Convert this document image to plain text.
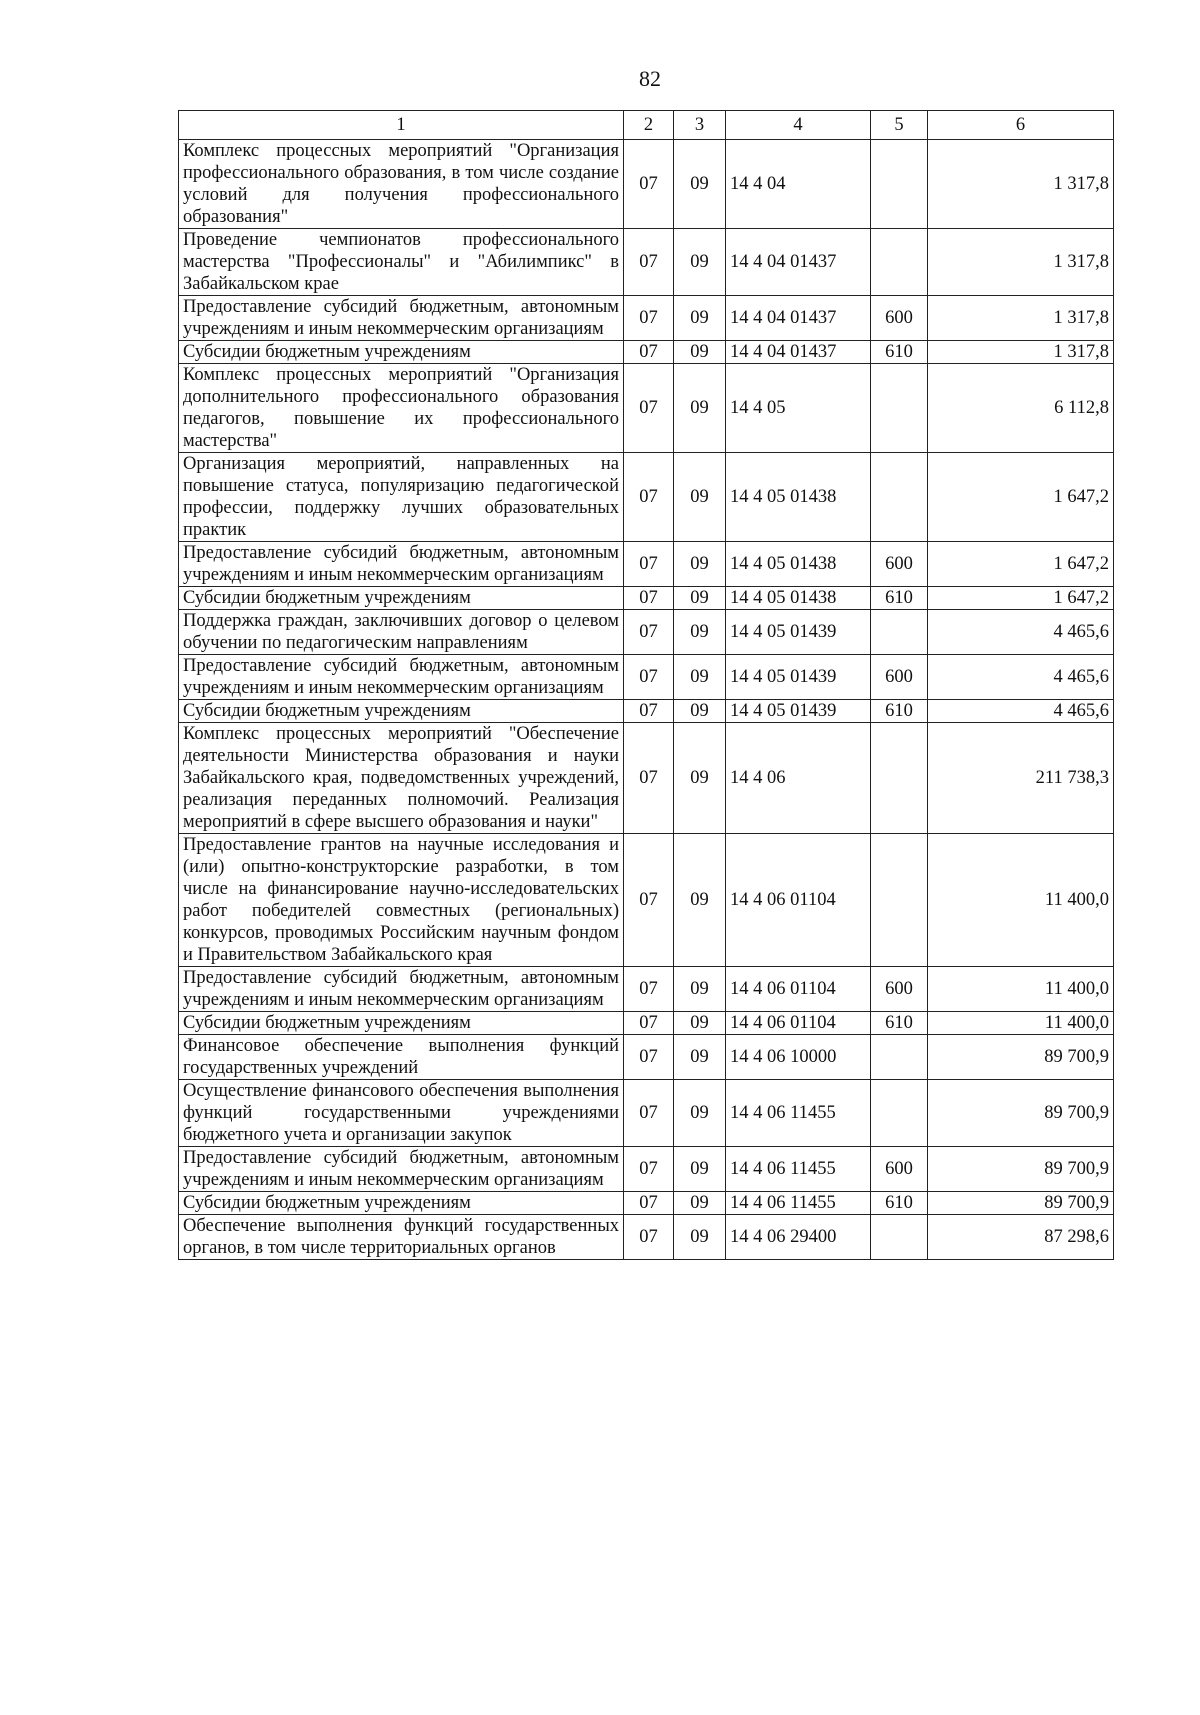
82
1	2	3	4	5	6
Комплекс процессных мероприятий "Организация профессионального образования, в том числе создание условий для получения профессионального образования"	07	09	14 4 04		1 317,8
Проведение чемпионатов профессионального мастерства "Профессионалы" и "Абилимпикс" в Забайкальском крае	07	09	14 4 04 01437		1 317,8
Предоставление субсидий бюджетным, автономным учреждениям и иным некоммерческим организациям	07	09	14 4 04 01437	600	1 317,8
Субсидии бюджетным учреждениям	07	09	14 4 04 01437	610	1 317,8
Комплекс процессных мероприятий "Организация дополнительного профессионального образования педагогов, повышение их профессионального мастерства"	07	09	14 4 05		6 112,8
Организация мероприятий, направленных на повышение статуса, популяризацию педагогической профессии, поддержку лучших образовательных практик	07	09	14 4 05 01438		1 647,2
Предоставление субсидий бюджетным, автономным учреждениям и иным некоммерческим организациям	07	09	14 4 05 01438	600	1 647,2
Субсидии бюджетным учреждениям	07	09	14 4 05 01438	610	1 647,2
Поддержка граждан, заключивших договор о целевом обучении по педагогическим направлениям	07	09	14 4 05 01439		4 465,6
Предоставление субсидий бюджетным, автономным учреждениям и иным некоммерческим организациям	07	09	14 4 05 01439	600	4 465,6
Субсидии бюджетным учреждениям	07	09	14 4 05 01439	610	4 465,6
Комплекс процессных мероприятий "Обеспечение деятельности Министерства образования и науки Забайкальского края, подведомственных учреждений, реализация переданных полномочий. Реализация мероприятий в сфере высшего образования и науки"	07	09	14 4 06		211 738,3
Предоставление грантов на научные исследования и (или) опытно-конструкторские разработки, в том числе на финансирование научно-исследовательских работ победителей совместных (региональных) конкурсов, проводимых Российским научным фондом и Правительством Забайкальского края	07	09	14 4 06 01104		11 400,0
Предоставление субсидий бюджетным, автономным учреждениям и иным некоммерческим организациям	07	09	14 4 06 01104	600	11 400,0
Субсидии бюджетным учреждениям	07	09	14 4 06 01104	610	11 400,0
Финансовое обеспечение выполнения функций государственных учреждений	07	09	14 4 06 10000		89 700,9
Осуществление финансового обеспечения выполнения функций государственными учреждениями бюджетного учета и организации закупок	07	09	14 4 06 11455		89 700,9
Предоставление субсидий бюджетным, автономным учреждениям и иным некоммерческим организациям	07	09	14 4 06 11455	600	89 700,9
Субсидии бюджетным учреждениям	07	09	14 4 06 11455	610	89 700,9
Обеспечение выполнения функций государственных органов, в том числе территориальных органов	07	09	14 4 06 29400		87 298,6
